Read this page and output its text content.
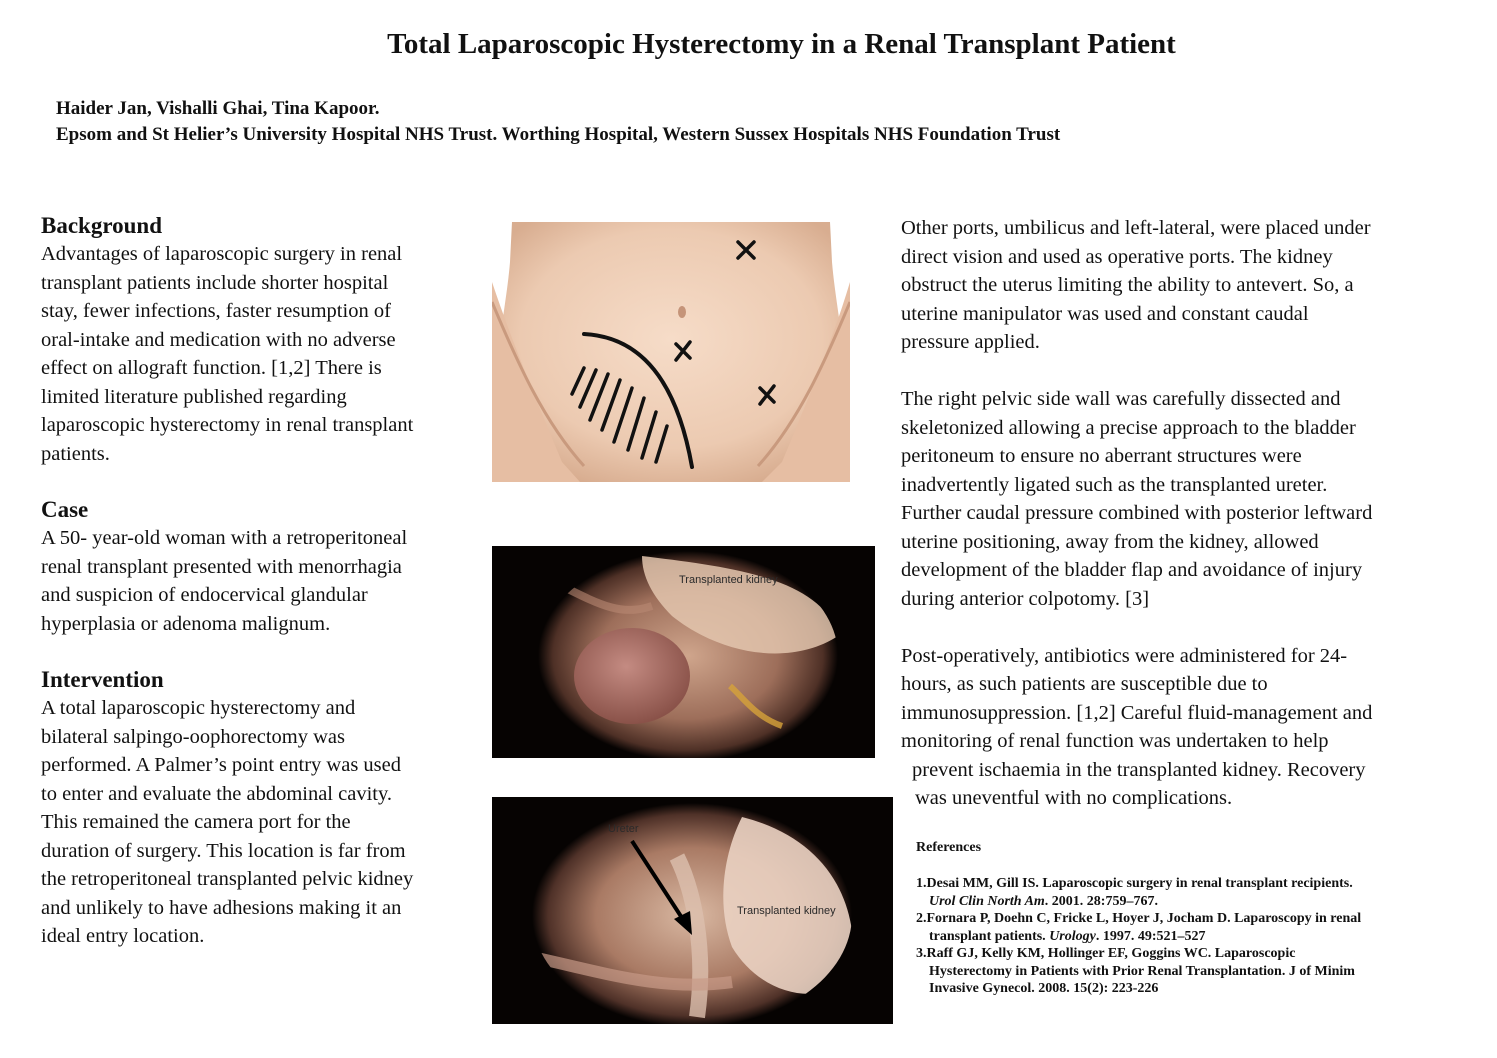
Total Laparoscopic Hysterectomy in a Renal Transplant Patient
Haider Jan, Vishalli Ghai, Tina Kapoor.
Epsom and St Helier’s University Hospital NHS Trust. Worthing Hospital, Western Sussex Hospitals NHS Foundation Trust
Background

Advantages of laparoscopic surgery in renal
transplant patients include shorter hospital
stay, fewer infections, faster resumption of
oral-intake and medication with no adverse
effect on allograft function. [1,2] There is
limited literature published regarding
laparoscopic hysterectomy in renal transplant
patients.

Case

A 50- year-old woman with a retroperitoneal
renal transplant presented with menorrhagia
and suspicion of endocervical glandular
hyperplasia or adenoma malignum.

Intervention

A total laparoscopic hysterectomy and
bilateral salpingo-oophorectomy was
performed. A Palmer’s point entry was used
to enter and evaluate the abdominal cavity.
This remained the camera port for the
duration of surgery. This location is far from
the retroperitoneal transplanted pelvic kidney
and unlikely to have adhesions making it an
ideal entry location.

Transplanted kidney
Ureter
Transplanted kidney

Other ports, umbilicus and left-lateral, were placed under
direct vision and used as operative ports. The kidney
obstruct the uterus limiting the ability to antevert. So, a
uterine manipulator was used and constant caudal
pressure applied.

The right pelvic side wall was carefully dissected and
skeletonized allowing a precise approach to the bladder
peritoneum to ensure no aberrant structures were
inadvertently ligated such as the transplanted ureter.
Further caudal pressure combined with posterior leftward
uterine positioning, away from the kidney, allowed
development of the bladder flap and avoidance of injury
during anterior colpotomy. [3]

Post-operatively, antibiotics were administered for 24-
hours, as such patients are susceptible due to
immunosuppression. [1,2] Careful fluid-management and
monitoring of renal function was undertaken to help
prevent ischaemia in the transplanted kidney. Recovery
was uneventful with no complications.

References
1.Desai MM, Gill IS. Laparoscopic surgery in renal transplant recipients.
Urol Clin North Am. 2001. 28:759–767.
2.Fornara P, Doehn C, Fricke L, Hoyer J, Jocham D. Laparoscopy in renal
transplant patients. Urology. 1997. 49:521–527
3.Raff GJ, Kelly KM, Hollinger EF, Goggins WC. Laparoscopic
Hysterectomy in Patients with Prior Renal Transplantation. J of Minim
Invasive Gynecol. 2008. 15(2): 223-226
